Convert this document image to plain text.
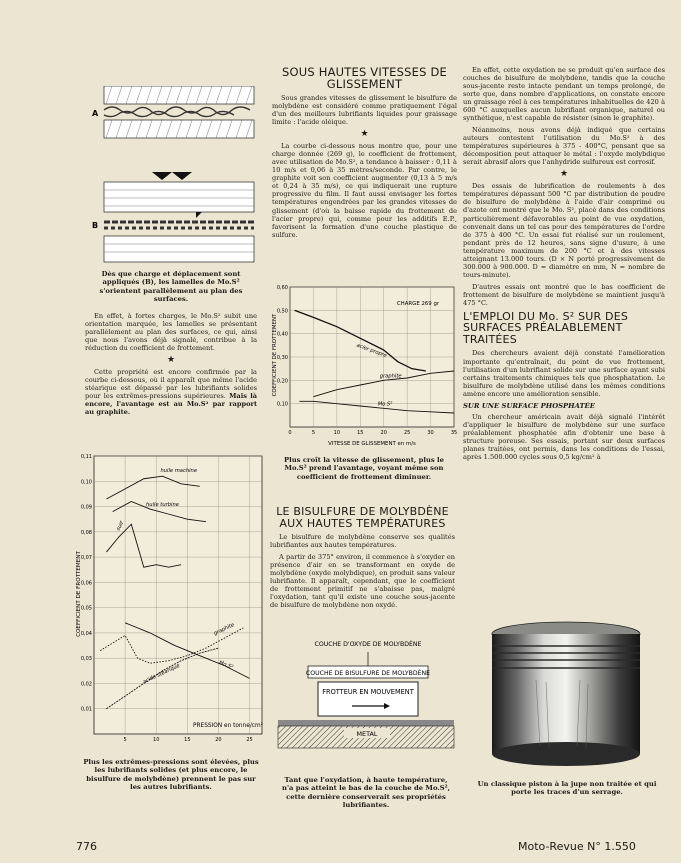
A
B
Dès que charge et déplacement sont appliqués (B), les lamelles de Mo.S² s'orientent parallèlement au plan des surfaces.

En effet, à fortes charges, le Mo.S² subit une orientation marquée, les lamelles se présentant parallèlement au plan des surfaces, ce qui, ainsi que nous l'avons déjà signalé, contribue à la réduction du coefficient de frottement.

★

Cette propriété est encore confirmée par la courbe ci-dessous, où il apparaît que même l'acide stéarique est dépassé par les lubrifiants solides pour les extrêmes-pressions supérieures. Mais là encore, l'avantage est au Mo.S² par rapport au graphite.

huile machine
huile turbine
suif
graphite
Mo.S²
acide stéarique
0,01
0,02
0,03
0,04
0,05
0,06
0,07
0,08
0,09
0,10
0,11
5	10	15	20	25
COEFFICIENT DE FROTTEMENT
PRESSION en tonne/cm²
Plus les extrêmes-pressions sont élevées, plus les lubrifiants solides (et plus encore, le bisulfure de molybdène) prennent le pas sur les autres lubrifiants.
SOUS HAUTES VITESSES DE GLISSEMENT

Sous grandes vitesses de glissement le bisulfure de molybdène est considéré comme pratiquement l'égal d'un des meilleurs lubrifiants liquides pour graissage limite : l'acide oléique.

★

La courbe ci-dessous nous montre que, pour une charge donnée (269 g), le coefficient de frottement, avec utilisation de Mo.S², a tendance à baisser : 0,11 à 10 m/s et 0,06 à 35 mètres/seconde. Par contre, le graphite voit son coefficient augmenter (0,13 à 5 m/s et 0,24 à 35 m/s), ce qui indiquerait une rupture progressive du film. Il faut aussi envisager les fortes températures engendrées par les grandes vitesses de glissement (d'où la baisse rapide du frottement de l'acier propre) qui, comme pour les additifs E.P., favorisent la formation d'une couche plastique de sulfure.

acier propre
graphite
Mo.S²
0,10
0,20
0,30
0,40
0,50
0,60
0	5	10	15	20	25	30	35
COEFFICIENT DE FROTTEMENT
VITESSE DE GLISSEMENT en m/s
CHARGE 269 gr
Plus croît la vitesse de glissement, plus le Mo.S² prend l'avantage, voyant même son coefficient de frottement diminuer.
LE BISULFURE DE MOLYBDÈNE AUX HAUTES TEMPÉRATURES

Le bisulfure de molybdène conserve ses qualités lubrifiantes aux hautes températures.

A partir de 375° environ, il commence à s'oxyder en présence d'air en se transformant en oxyde de molybdène (oxyde molybdique), en produit sans valeur lubrifiante. Il apparaît, cependant, que le coefficient de frottement primitif ne s'abaisse pas, malgré l'oxydation, tant qu'il existe une couche sous-jacente de bisulfure de molybdène non oxydé.

COUCHE D'OXYDE DE MOLYBDÈNE
COUCHE DE BISULFURE DE MOLYBDÈNE
FROTTEUR EN MOUVEMENT
METAL
Tant que l'oxydation, à haute température, n'a pas atteint le bas de la couche de Mo.S², cette dernière conserverait ses propriétés lubrifiantes.

En effet, cette oxydation ne se produit qu'en surface des couches de bisulfure de molybdène, tandis que la couche sous-jacente reste intacte pendant un temps prolongé, de sorte que, dans nombre d'applications, on constate encore un graissage réel à ces températures inhabituelles de 420 à 600 °C auxquelles aucun lubrifiant organique, naturel ou synthétique, n'est capable de résister (sinon le graphite).

Néanmoins, nous avons déjà indiqué que certains auteurs contestent l'utilisation du Mo.S² à des températures supérieures à 375 - 400°C, pensant que sa décomposition peut attaquer le métal : l'oxyde molybdique serait abrasif alors que l'anhydride sulfureux est corrosif.

★

Des essais de lubrification de roulements à des températures dépassant 500 °C par distribution de poudre de bisulfure de molybdène à l'aide d'air comprimé ou d'azote ont montré que le Mo. S², placé dans des conditions particulièrement défavorables au point de vue oxydation, convenait dans un tel cas pour des températures de l'ordre de 375 à 400 °C. Un essai fut réalisé sur un roulement, pendant près de 12 heures, sans signe d'usure, à une température maximum de 200 °C et à des vitesses atteignant 13.000 tours. (D × N porté progressivement de 300.000 à 900.000. D = diamètre en mm, N = nombre de tours-minute).

D'autres essais ont montré que le bas coefficient de frottement de bisulfure de molybdène se maintient jusqu'à 475 °C.

L'EMPLOI DU Mo. S² SUR DES SURFACES PRÉALABLEMENT TRAITÉES

Des chercheurs avaient déjà constaté l'amélioration importante qu'entraînait, du point de vue frottement, l'utilisation d'un lubrifiant solide sur une surface ayant subi certains traitements chimiques tels que phosphatation. Le bisulfure de molybdène utilisé dans les mêmes conditions amène encore une amélioration sensible.

SUR UNE SURFACE PHOSPHATÉE

Un chercheur américain avait déjà signalé l'intérêt d'appliquer le bisulfure de molybdène sur une surface préalablement phosphatée afin d'obtenir une base à structure poreuse. Ses essais, portant sur deux surfaces planes traitées, ont permis, dans les conditions de l'essai, après 1.500.000 cycles sous 0,5 kg/cm² à

Un classique piston à la jupe non traitée et qui porte les traces d'un serrage.
776	Moto-Revue N° 1.550
